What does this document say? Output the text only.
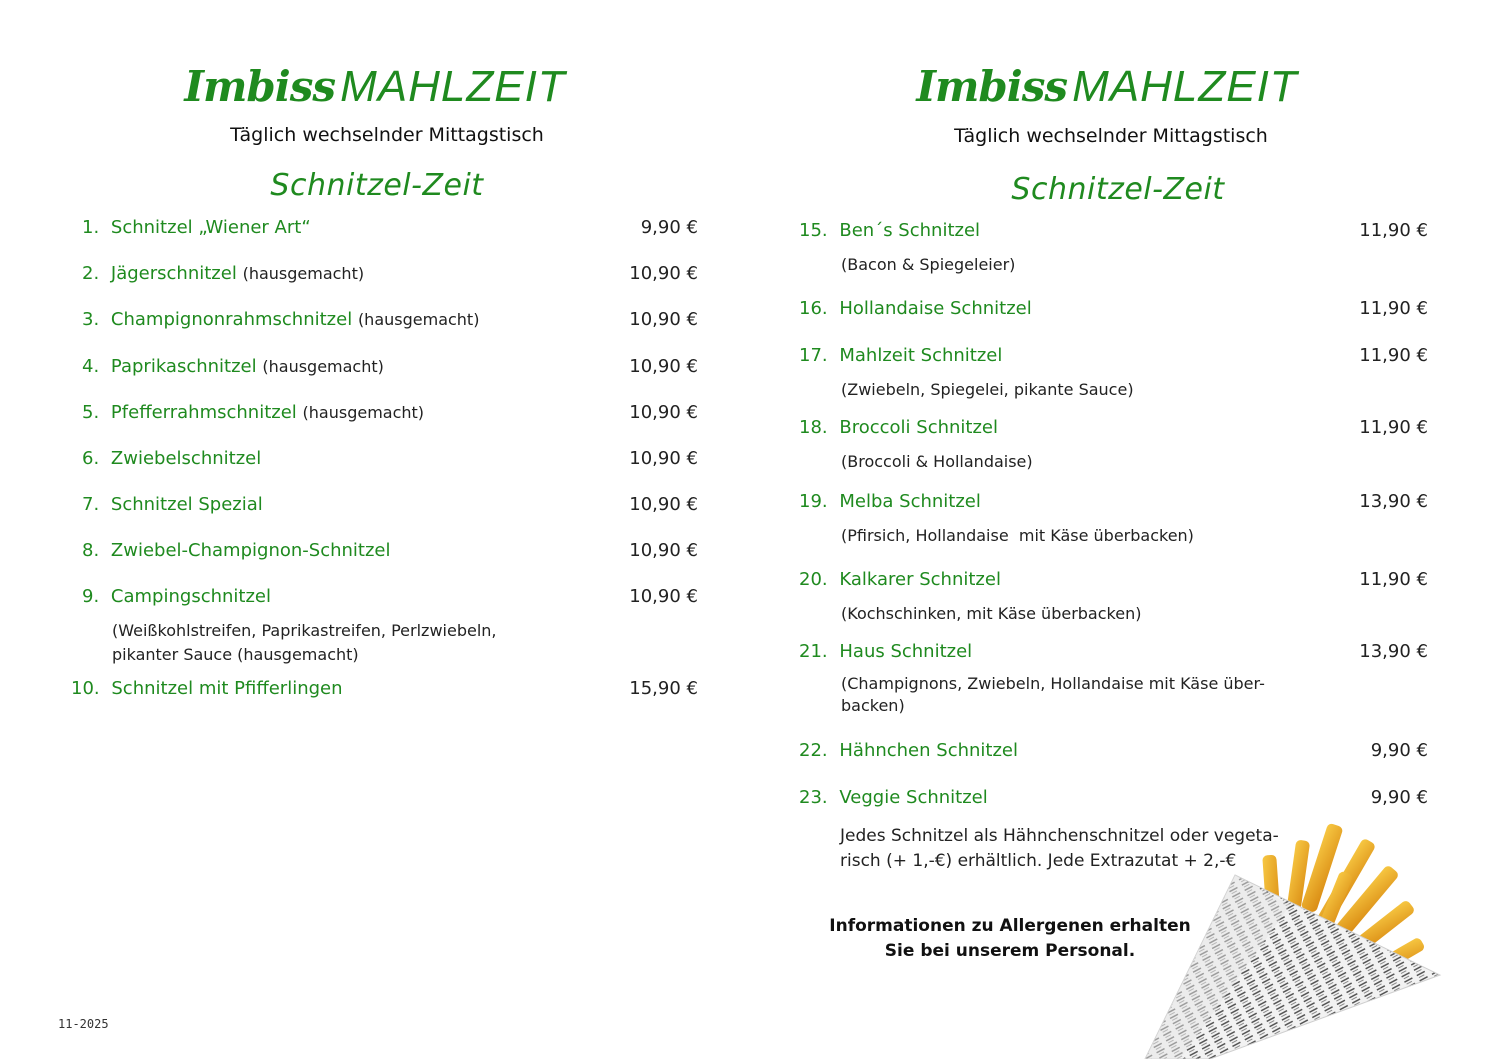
Imbiss MAHLZEIT
Täglich wechselnder Mittagstisch
Schnitzel-Zeit
1. Schnitzel „Wiener Art“	9,90 €
2. Jägerschnitzel (hausgemacht)	10,90 €
3. Champignonrahmschnitzel (hausgemacht)	10,90 €
4. Paprikaschnitzel (hausgemacht)	10,90 €
5. Pfefferrahmschnitzel (hausgemacht)	10,90 €
6. Zwiebelschnitzel	10,90 €
7. Schnitzel Spezial	10,90 €
8. Zwiebel-Champignon-Schnitzel	10,90 €
9. Campingschnitzel	10,90 €
(Weißkohlstreifen, Paprikastreifen, Perlzwiebeln,
pikanter Sauce (hausgemacht)
10. Schnitzel mit Pfifferlingen	15,90 €
Imbiss MAHLZEIT
Täglich wechselnder Mittagstisch
Schnitzel-Zeit
15. Ben´s Schnitzel	11,90 €
(Bacon & Spiegeleier)
16. Hollandaise Schnitzel	11,90 €
17. Mahlzeit Schnitzel	11,90 €
(Zwiebeln, Spiegelei, pikante Sauce)
18. Broccoli Schnitzel	11,90 €
(Broccoli & Hollandaise)
19. Melba Schnitzel	13,90 €
(Pfirsich, Hollandaise  mit Käse überbacken)
20. Kalkarer Schnitzel	11,90 €
(Kochschinken, mit Käse überbacken)
21. Haus Schnitzel	13,90 €
(Champignons, Zwiebeln, Hollandaise mit Käse über-
backen)
22. Hähnchen Schnitzel	9,90 €
23. Veggie Schnitzel	9,90 €
Jedes Schnitzel als Hähnchenschnitzel oder vegeta-
risch (+ 1,-€) erhältlich. Jede Extrazutat + 2,-€
Informationen zu Allergenen erhalten
Sie bei unserem Personal.
11-2025
